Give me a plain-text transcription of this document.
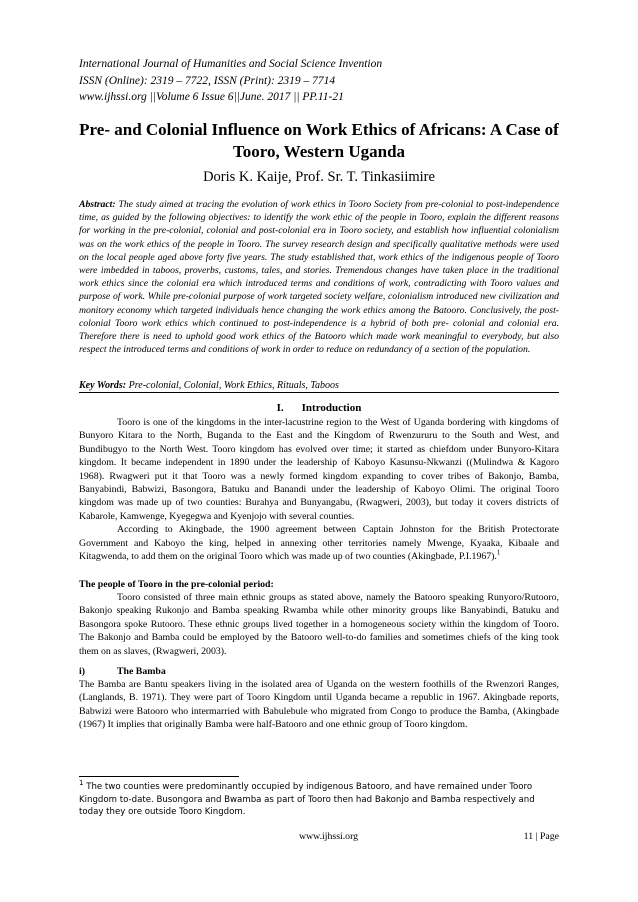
International Journal of Humanities and Social Science Invention
ISSN (Online): 2319 – 7722, ISSN (Print): 2319 – 7714
www.ijhssi.org ||Volume 6 Issue 6||June. 2017 || PP.11-21
Pre- and Colonial Influence on Work Ethics of Africans: A Case of Tooro, Western Uganda
Doris K. Kaije, Prof. Sr. T. Tinkasiimire
Abstract: The study aimed at tracing the evolution of work ethics in Tooro Society from pre-colonial to post-independence time, as guided by the following objectives: to identify the work ethic of the people in Tooro, explain the different reasons for working in the pre-colonial, colonial and post-colonial era in Tooro society, and establish how influential colonialism was on the work ethics of the people in Tooro. The survey research design and specifically qualitative methods were used on the local people aged above forty five years. The study established that, work ethics of the indigenous people of Tooro were imbedded in taboos, proverbs, customs, tales, and stories. Tremendous changes have taken place in the traditional work ethics since the colonial era which introduced terms and conditions of work, contradicting with Tooro values and purpose of work. While pre-colonial purpose of work targeted society welfare, colonialism introduced new civilization and monitory economy which targeted individuals hence changing the work ethics among the Batooro. Conclusively, the post-colonial Tooro work ethics which continued to post-independence is a hybrid of both pre- colonial and colonial era. Therefore there is need to uphold good work ethics of the Batooro which made work meaningful to everybody, but also respect the introduced terms and conditions of work in order to reduce on redundancy of a section of the population.
Key Words: Pre-colonial, Colonial, Work Ethics, Rituals, Taboos
I. Introduction

Tooro is one of the kingdoms in the inter-lacustrine region to the West of Uganda bordering with kingdoms of Bunyoro Kitara to the North, Buganda to the East and the Kingdom of Rwenzururu to the South and West, and Bundibugyo to the North West. Tooro kingdom has evolved over time; it started as chiefdom under Bunyoro-Kitara kingdom. It became independent in 1890 under the leadership of Kaboyo Kasunsu-Nkwanzi ((Mulindwa & Kagoro 1968). Rwagweri put it that Tooro was a newly formed kingdom expanding to cover tribes of Bakonjo, Bamba, Banyabindi, Babwizi, Basongora, Batuku and Banandi under the leadership of Kaboyo Olimi. The original Tooro kingdom was made up of two counties: Burahya and Bunyangabu, (Rwagweri, 2003), but today it covers districts of Kabarole, Kamwenge, Kyegegwa and Kyenjojo with several counties.

According to Akingbade, the 1900 agreement between Captain Johnston for the British Protectorate Government and Kaboyo the king, helped in annexing other territories namely Mwenge, Kyaaka, Kibaale and Kitagwenda, to add them on the original Tooro which was made up of two counties (Akingbade, P.I.1967).$^1$

The people of Tooro in the pre-colonial period:

Tooro consisted of three main ethnic groups as stated above, namely the Batooro speaking Runyoro/Rutooro, Bakonjo speaking Rukonjo and Bamba speaking Rwamba while other minority groups like Banyabindi, Batuku and Basongora spoke Rutooro. These ethnic groups lived together in a homogeneous society within the kingdom of Tooro. The Bakonjo and Bamba could be employed by the Batooro well-to-do families and sometimes chiefs of the king took them on as slaves, (Rwagweri, 2003).

i)	The Bamba

The Bamba are Bantu speakers living in the isolated area of Uganda on the western foothills of the Rwenzori Ranges, (Langlands, B. 1971). They were part of Tooro Kingdom until Uganda became a republic in 1967. Akingbade reports, Babwizi were Batooro who intermarried with Babulebule who migrated from Congo to produce the Bamba, (Akingbade (1967) It implies that originally Bamba were half-Batooro and one ethnic group of Tooro kingdom.

$^1$ The two counties were predominantly occupied by indigenous Batooro, and have remained under Tooro Kingdom to-date. Busongora and Bwamba as part of Tooro then had Bakonjo and Bamba respectively and today they ore outside Tooro Kingdom.
www.ijhssi.org	11 | Page
